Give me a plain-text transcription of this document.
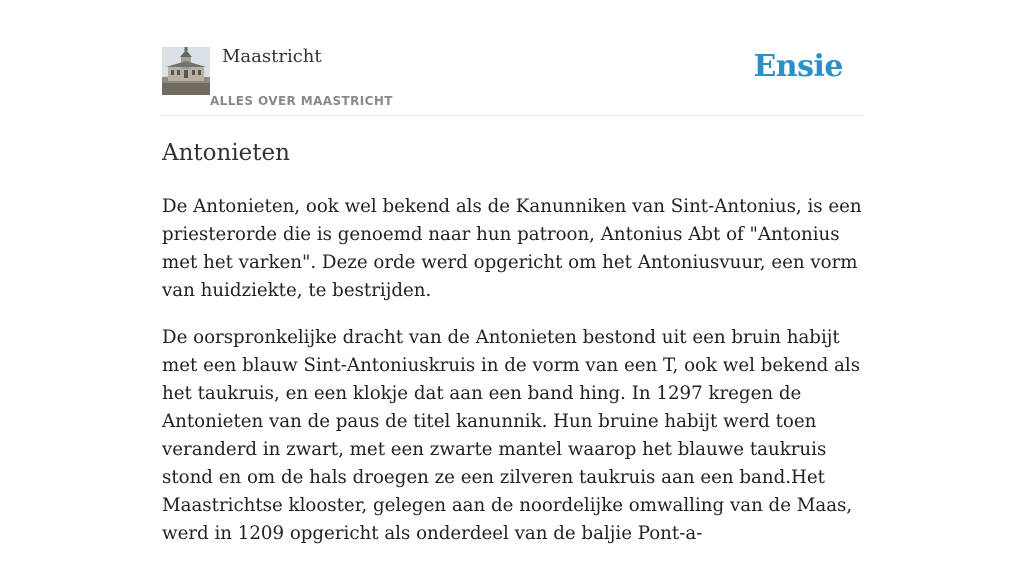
Maastricht
ALLES OVER MAASTRICHT
Ensie
Antonieten

De Antonieten, ook wel bekend als de Kanunniken van Sint-Antonius, is een priesterorde die is genoemd naar hun patroon, Antonius Abt of "Antonius met het varken". Deze orde werd opgericht om het Antoniusvuur, een vorm van huidziekte, te bestrijden.

De oorspronkelijke dracht van de Antonieten bestond uit een bruin habijt met een blauw Sint-Antoniuskruis in de vorm van een T, ook wel bekend als het taukruis, en een klokje dat aan een band hing. In 1297 kregen de Antonieten van de paus de titel kanunnik. Hun bruine habijt werd toen veranderd in zwart, met een zwarte mantel waarop het blauwe taukruis stond en om de hals droegen ze een zilveren taukruis aan een band.Het Maastrichtse klooster, gelegen aan de noordelijke omwalling van de Maas, werd in 1209 opgericht als onderdeel van de baljie Pont-a-
